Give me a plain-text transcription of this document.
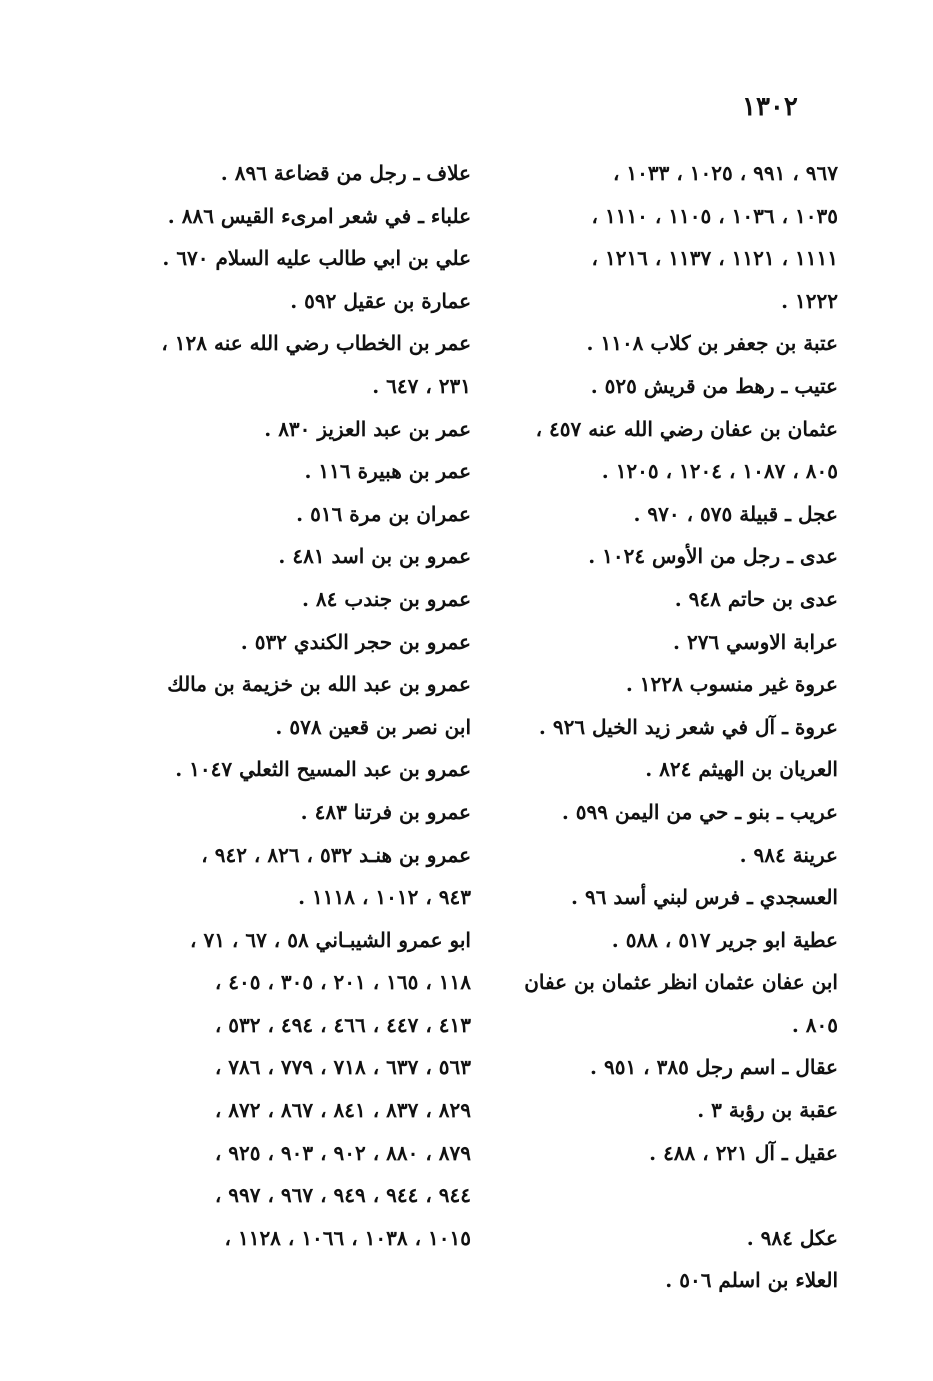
١٣٠٢
علاف ـ رجل من قضاعة ٨٩٦ .
علباء ـ في شعر امرىء القيس ٨٨٦ .
علي بن ابي طالب عليه السلام ٦٧٠ .
عمارة بن عقيل ٥٩٢ .
عمر بن الخطاب رضي الله عنه ١٢٨ ،
٢٣١ ، ٦٤٧ .
عمر بن عبد العزيز ٨٣٠ .
عمر بن هبيرة ١١٦ .
عمران بن مرة ٥١٦ .
عمرو بن بن اسد ٤٨١ .
عمرو بن جندب ٨٤ .
عمرو بن حجر الكندي ٥٣٢ .
عمرو بن عبد الله بن خزيمة بن مالك
ابن نصر بن قعين ٥٧٨ .
عمرو بن عبد المسيح الثعلي ١٠٤٧ .
عمرو بن فرتنا ٤٨٣ .
عمرو بن هنـد ٥٣٢ ، ٨٢٦ ، ٩٤٢ ،
٩٤٣ ، ١٠١٢ ، ١١١٨ .
ابو عمرو الشيبـاني ٥٨ ، ٦٧ ، ٧١ ،
١١٨ ، ١٦٥ ، ٢٠١ ، ٣٠٥ ، ٤٠٥ ،
٤١٣ ، ٤٤٧ ، ٤٦٦ ، ٤٩٤ ، ٥٣٢ ،
٥٦٣ ، ٦٣٧ ، ٧١٨ ، ٧٧٩ ، ٧٨٦ ،
٨٢٩ ، ٨٣٧ ، ٨٤١ ، ٨٦٧ ، ٨٧٢ ،
٨٧٩ ، ٨٨٠ ، ٩٠٢ ، ٩٠٣ ، ٩٢٥ ،
٩٤٤ ، ٩٤٤ ، ٩٤٩ ، ٩٦٧ ، ٩٩٧ ،
١٠١٥ ، ١٠٣٨ ، ١٠٦٦ ، ١١٢٨ ،
٩٦٧ ، ٩٩١ ، ١٠٢٥ ، ١٠٣٣ ،
١٠٣٥ ، ١٠٣٦ ، ١١٠٥ ، ١١١٠ ،
١١١١ ، ١١٢١ ، ١١٣٧ ، ١٢١٦ ،
١٢٢٢ .
عتبة بن جعفر بن كلاب ١١٠٨ .
عتيب ـ رهط من قريش ٥٢٥ .
عثمان بن عفان رضي الله عنه ٤٥٧ ،
٨٠٥ ، ١٠٨٧ ، ١٢٠٤ ، ١٢٠٥ .
عجل ـ قبيلة ٥٧٥ ، ٩٧٠ .
عدى ـ رجل من الأوس ١٠٢٤ .
عدى بن حاتم ٩٤٨ .
عرابة الاوسي ٢٧٦ .
عروة غير منسوب ١٢٢٨ .
عروة ـ آل في شعر زيد الخيل ٩٢٦ .
العريان بن الهيثم ٨٢٤ .
عريب ـ بنو ـ حي من اليمن ٥٩٩ .
عرينة ٩٨٤ .
العسجدي ـ فرس لبني أسد ٩٦ .
عطية ابو جرير ٥١٧ ، ٥٨٨ .
ابن عفان عثمان انظر عثمان بن عفان
٨٠٥ .
عقال ـ اسم رجل ٣٨٥ ، ٩٥١ .
عقبة بن رؤبة ٣ .
عقيل ـ آل ٢٢١ ، ٤٨٨ .
عكل ٩٨٤ .
العلاء بن اسلم ٥٠٦ .
